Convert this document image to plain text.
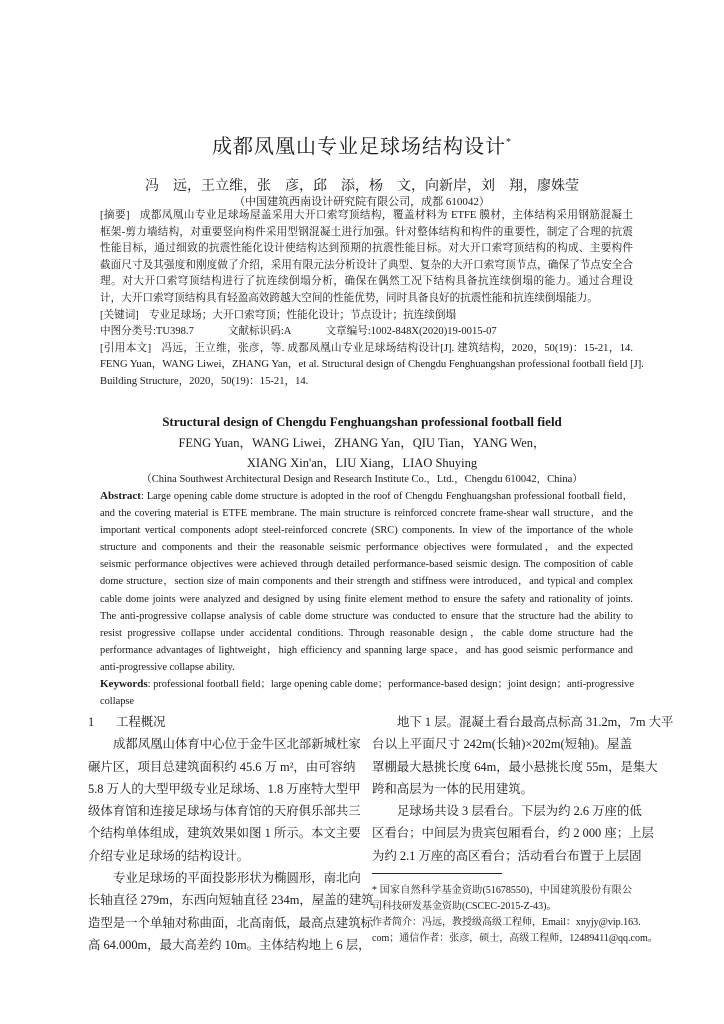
成都凤凰山专业足球场结构设计*
冯　远，王立维，张　彦，邱　添，杨　文，向新岸，刘　翔，廖姝莹
（中国建筑西南设计研究院有限公司，成都 610042）
[摘要] 成都凤凰山专业足球场屋盖采用大开口索穹顶结构，覆盖材料为 ETFE 膜材，主体结构采用钢筋混凝土
框架-剪力墙结构，对重要竖向构件采用型钢混凝土进行加强。针对整体结构和构件的重要性，制定了合理的抗震
性能目标，通过细致的抗震性能化设计使结构达到预期的抗震性能目标。对大开口索穹顶结构的构成、主要构件
截面尺寸及其强度和刚度做了介绍，采用有限元法分析设计了典型、复杂的大开口索穹顶节点，确保了节点安全合
理。对大开口索穹顶结构进行了抗连续倒塌分析，确保在偶然工况下结构具备抗连续倒塌的能力。通过合理设
计，大开口索穹顶结构具有轻盈高效跨越大空间的性能优势，同时具备良好的抗震性能和抗连续倒塌能力。
[关键词] 专业足球场；大开口索穹顶；性能化设计；节点设计；抗连续倒塌
中图分类号:TU398.7	文献标识码:A	文章编号:1002-848X(2020)19-0015-07
[引用本文] 冯远，王立维，张彦，等. 成都凤凰山专业足球场结构设计[J]. 建筑结构，2020，50(19)：15-21，14.
FENG Yuan，WANG Liwei，ZHANG Yan，et al. Structural design of Chengdu Fenghuangshan professional football field [J].
Building Structure，2020，50(19)：15-21，14.
Structural design of Chengdu Fenghuangshan professional football field
FENG Yuan，WANG Liwei，ZHANG Yan，QIU Tian，YANG Wen，
XIANG Xin'an，LIU Xiang，LIAO Shuying
（China Southwest Architectural Design and Research Institute Co.，Ltd.，Chengdu 610042，China）
Abstract: Large opening cable dome structure is adopted in the roof of Chengdu Fenghuangshan professional football field，
and the covering material is ETFE membrane. The main structure is reinforced concrete frame-shear wall structure，and the
important vertical components adopt steel-reinforced concrete (SRC) components. In view of the importance of the whole
structure and components and their the reasonable seismic performance objectives were formulated，and the expected
seismic performance objectives were achieved through detailed performance-based seismic design. The composition of cable
dome structure，section size of main components and their strength and stiffness were introduced，and typical and complex
cable dome joints were analyzed and designed by using finite element method to ensure the safety and rationality of joints.
The anti-progressive collapse analysis of cable dome structure was conducted to ensure that the structure had the ability to
resist progressive collapse under accidental conditions. Through reasonable design，the cable dome structure had the
performance advantages of lightweight，high efficiency and spanning large space，and has good seismic performance and
anti-progressive collapse ability.
Keywords: professional football field；large opening cable dome；performance-based design；joint design；anti-progressive
collapse
1 工程概况
成都凤凰山体育中心位于金牛区北部新城杜家
碾片区，项目总建筑面积约 45.6 万 m²，由可容纳
5.8 万人的大型甲级专业足球场、1.8 万座特大型甲
级体育馆和连接足球场与体育馆的天府俱乐部共三
个结构单体组成，建筑效果如图 1 所示。本文主要
介绍专业足球场的结构设计。
专业足球场的平面投影形状为椭圆形，南北向
长轴直径 279m，东西向短轴直径 234m，屋盖的建筑
造型是一个单轴对称曲面，北高南低，最高点建筑标
高 64.000m，最大高差约 10m。主体结构地上 6 层，
地下 1 层。混凝土看台最高点标高 31.2m，7m 大平
台以上平面尺寸 242m(长轴)×202m(短轴)。屋盖
罩棚最大悬挑长度 64m，最小悬挑长度 55m，是集大
跨和高层为一体的民用建筑。
足球场共设 3 层看台。下层为约 2.6 万座的低
区看台；中间层为贵宾包厢看台，约 2 000 座；上层
为约 2.1 万座的高区看台；活动看台布置于上层固
* 国家自然科学基金资助(51678550)，中国建筑股份有限公
司科技研发基金资助(CSCEC-2015-Z-43)。
作者简介：冯远，教授级高级工程师，Email：xnyjy@vip.163.
com；通信作者：张彦，硕士，高级工程师，12489411@qq.com。
